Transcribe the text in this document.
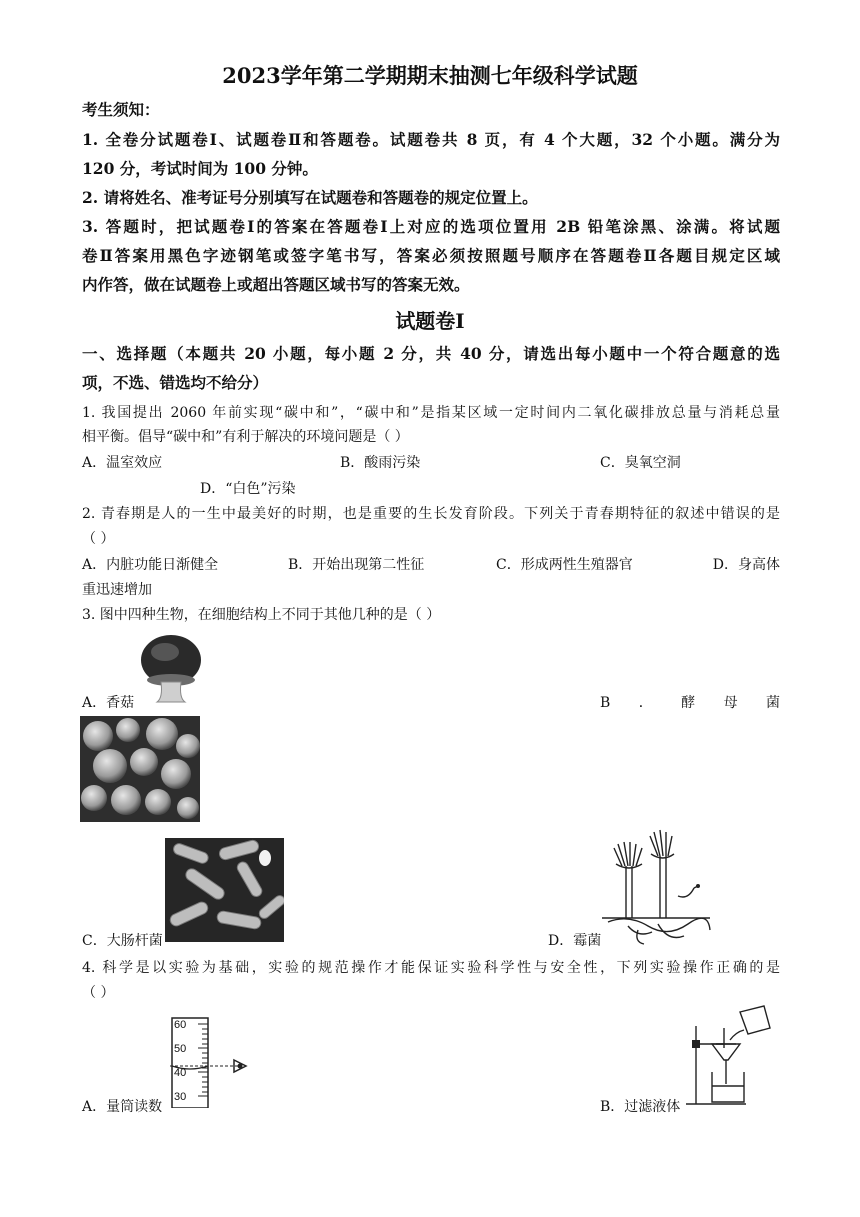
2023学年第二学期期末抽测七年级科学试题
考生须知：
1. 全卷分试题卷Ⅰ、试题卷Ⅱ和答题卷。试题卷共 8 页，有 4 个大题，32 个小题。满分为
120 分，考试时间为 100 分钟。
2. 请将姓名、准考证号分别填写在试题卷和答题卷的规定位置上。
3. 答题时，把试题卷Ⅰ的答案在答题卷Ⅰ上对应的选项位置用 2B 铅笔涂黑、涂满。将试题
卷Ⅱ答案用黑色字迹钢笔或签字笔书写，答案必须按照题号顺序在答题卷Ⅱ各题目规定区域
内作答，做在试题卷上或超出答题区域书写的答案无效。
试题卷Ⅰ
一、选择题（本题共 20 小题，每小题 2 分，共 40 分，请选出每小题中一个符合题意的选
项，不选、错选均不给分）
1. 我国提出 2060 年前实现“碳中和”，“碳中和”是指某区域一定时间内二氧化碳排放总量与消耗总量
相平衡。倡导“碳中和”有利于解决的环境问题是（ ）
A．温室效应	B．酸雨污染	C．臭氧空洞
D．“白色”污染
2. 青春期是人的一生中最美好的时期，也是重要的生长发育阶段。下列关于青春期特征的叙述中错误的是
（ ）
A．内脏功能日渐健全	B．开始出现第二性征	C．形成两性生殖器官	D．身高体
重迅速增加
3. 图中四种生物，在细胞结构上不同于其他几种的是（ ）
A．香菇	B．酵母菌
C．大肠杆菌	D．霉菌
4. 科学是以实验为基础，实验的规范操作才能保证实验科学性与安全性，下列实验操作正确的是
（ ）
60
50
40
30
A．量筒读数	B．过滤液体
